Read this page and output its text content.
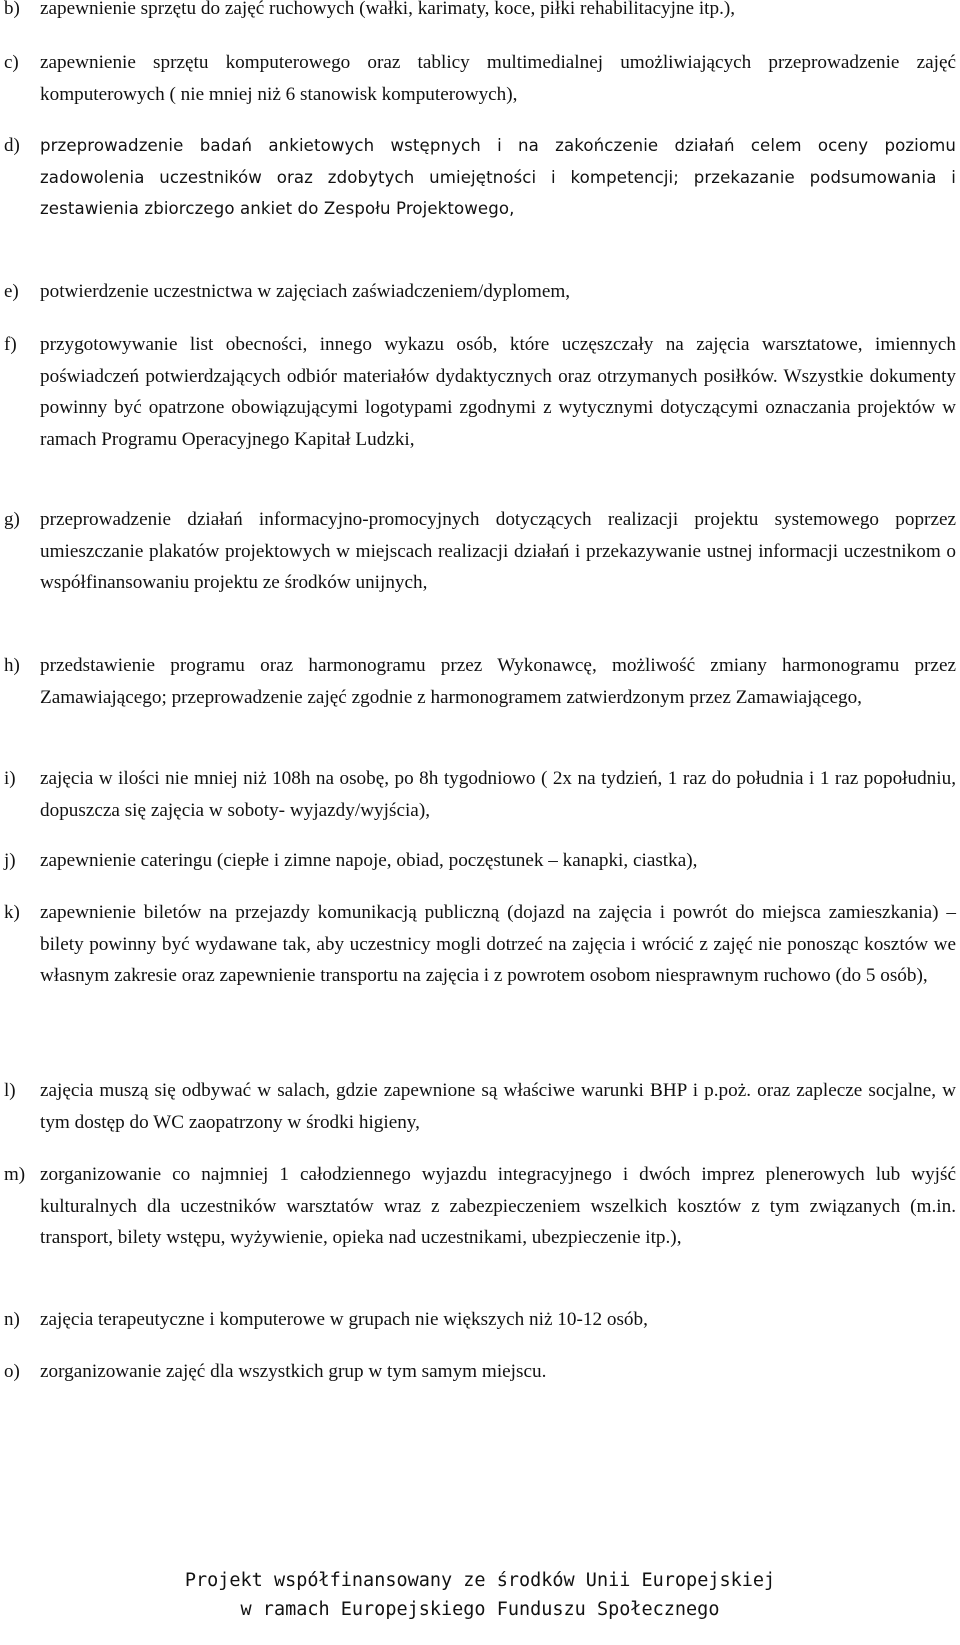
b)	zapewnienie sprzętu do zajęć ruchowych (wałki, karimaty, koce, piłki rehabilitacyjne itp.),
c)	zapewnienie sprzętu komputerowego oraz tablicy multimedialnej umożliwiających przeprowadzenie zajęć komputerowych ( nie mniej niż 6 stanowisk komputerowych),
d)	przeprowadzenie badań ankietowych wstępnych i na zakończenie działań celem oceny poziomu zadowolenia uczestników oraz zdobytych umiejętności i kompetencji; przekazanie podsumowania i zestawienia zbiorczego ankiet do Zespołu Projektowego,
e)	potwierdzenie uczestnictwa w zajęciach zaświadczeniem/dyplomem,
f)	przygotowywanie list obecności, innego wykazu osób, które uczęszczały na zajęcia warsztatowe, imiennych poświadczeń potwierdzających odbiór materiałów dydaktycznych oraz otrzymanych posiłków. Wszystkie dokumenty powinny być opatrzone obowiązującymi logotypami zgodnymi z wytycznymi dotyczącymi oznaczania projektów w ramach Programu Operacyjnego Kapitał Ludzki,
g)	przeprowadzenie działań informacyjno-promocyjnych dotyczących realizacji projektu systemowego poprzez umieszczanie plakatów projektowych w miejscach realizacji działań i przekazywanie ustnej informacji uczestnikom o współfinansowaniu projektu ze środków unijnych,
h)	przedstawienie programu oraz harmonogramu przez Wykonawcę, możliwość zmiany harmonogramu przez Zamawiającego; przeprowadzenie zajęć zgodnie z harmonogramem zatwierdzonym przez Zamawiającego,
i)	zajęcia w ilości nie mniej niż 108h na osobę, po 8h tygodniowo ( 2x na tydzień, 1 raz do południa i 1 raz popołudniu, dopuszcza się zajęcia w soboty- wyjazdy/wyjścia),
j)	zapewnienie cateringu (ciepłe i zimne napoje, obiad, poczęstunek – kanapki, ciastka),
k)	zapewnienie biletów na przejazdy komunikacją publiczną (dojazd na zajęcia i powrót do miejsca zamieszkania) – bilety powinny być wydawane tak, aby uczestnicy mogli dotrzeć na zajęcia i wrócić z zajęć nie ponosząc kosztów we własnym zakresie oraz zapewnienie transportu na zajęcia i z powrotem osobom niesprawnym ruchowo (do 5 osób),
l)	zajęcia muszą się odbywać w salach, gdzie zapewnione są właściwe warunki BHP i p.poż. oraz zaplecze socjalne, w tym dostęp do WC zaopatrzony w środki higieny,
m) zorganizowanie co najmniej 1 całodziennego wyjazdu integracyjnego i dwóch imprez plenerowych lub wyjść kulturalnych dla uczestników warsztatów wraz z zabezpieczeniem wszelkich kosztów z tym związanych (m.in. transport, bilety wstępu, wyżywienie, opieka nad uczestnikami, ubezpieczenie itp.),
n)	zajęcia terapeutyczne i komputerowe w grupach nie większych niż 10-12 osób,
o)	zorganizowanie zajęć dla wszystkich grup w tym samym miejscu.
Projekt współfinansowany ze środków Unii Europejskiej
w ramach Europejskiego Funduszu Społecznego
